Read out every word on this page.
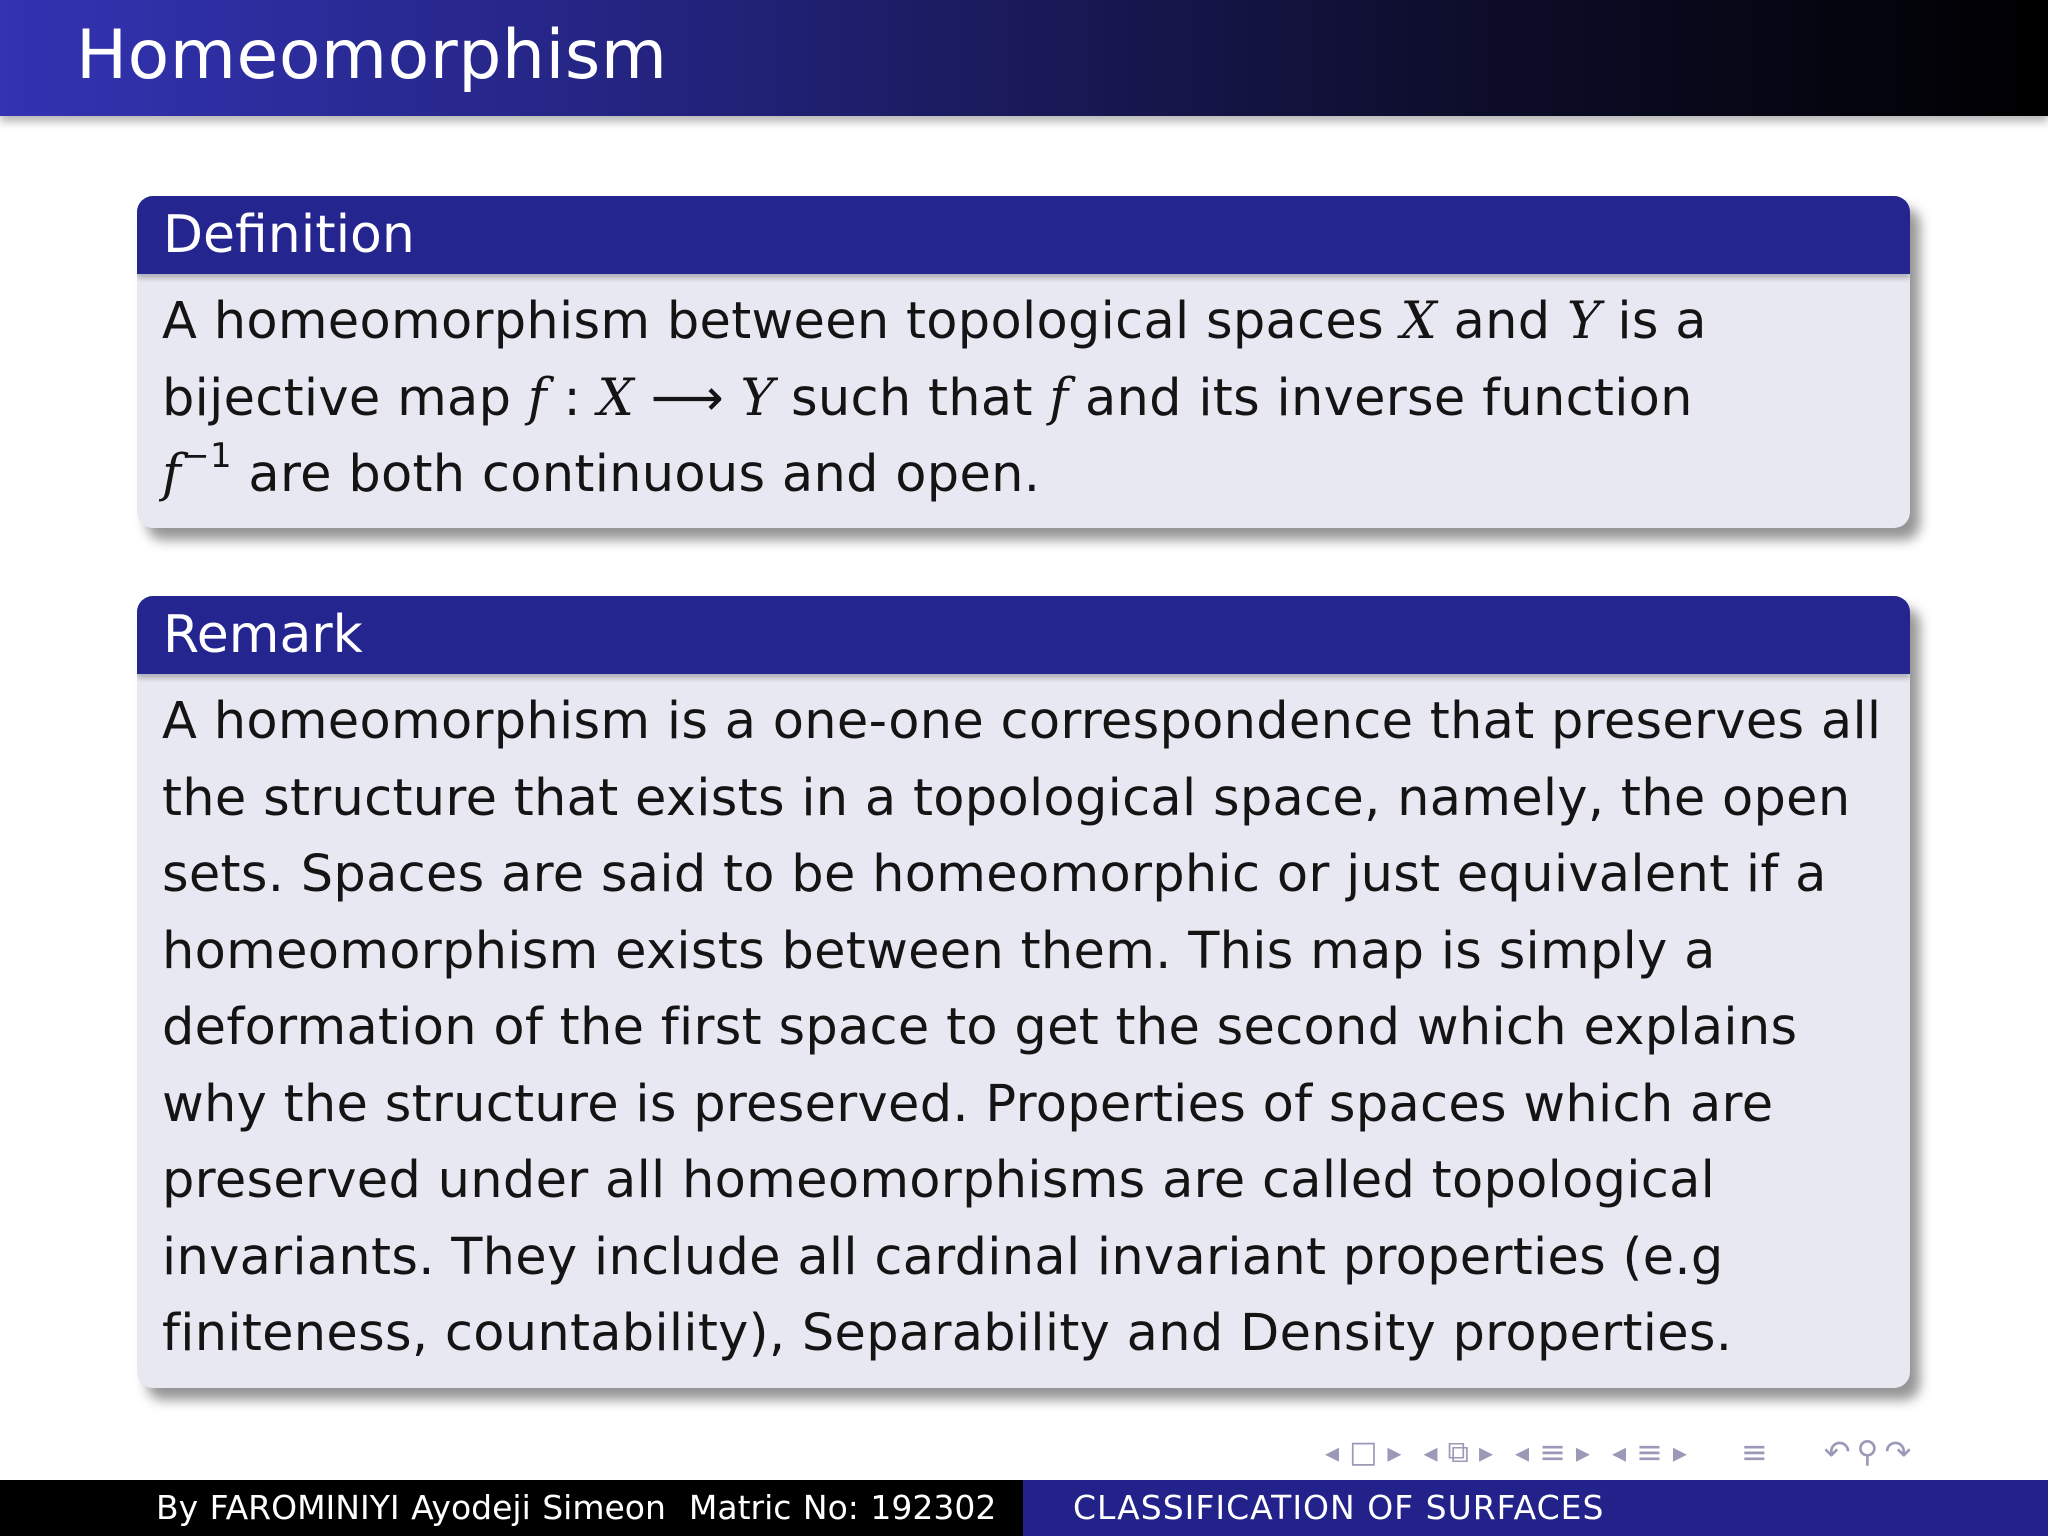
Homeomorphism
Definition
A homeomorphism between topological spaces X and Y is a
bijective map f : X ⟶ Y such that f and its inverse function
$f^{-1}$ are both continuous and open.
Remark
A homeomorphism is a one-one correspondence that preserves all
the structure that exists in a topological space, namely, the open
sets. Spaces are said to be homeomorphic or just equivalent if a
homeomorphism exists between them. This map is simply a
deformation of the first space to get the second which explains
why the structure is preserved. Properties of spaces which are
preserved under all homeomorphisms are called topological
invariants. They include all cardinal invariant properties (e.g
finiteness, countability), Separability and Density properties.
◂ □ ▸ ◂ ⧉ ▸ ◂ ≡ ▸ ◂ ≡ ▸ ≡ ↶ ⚲ ↷
By FAROMINIYI Ayodeji Simeon Matric No: 192302	CLASSIFICATION OF SURFACES
